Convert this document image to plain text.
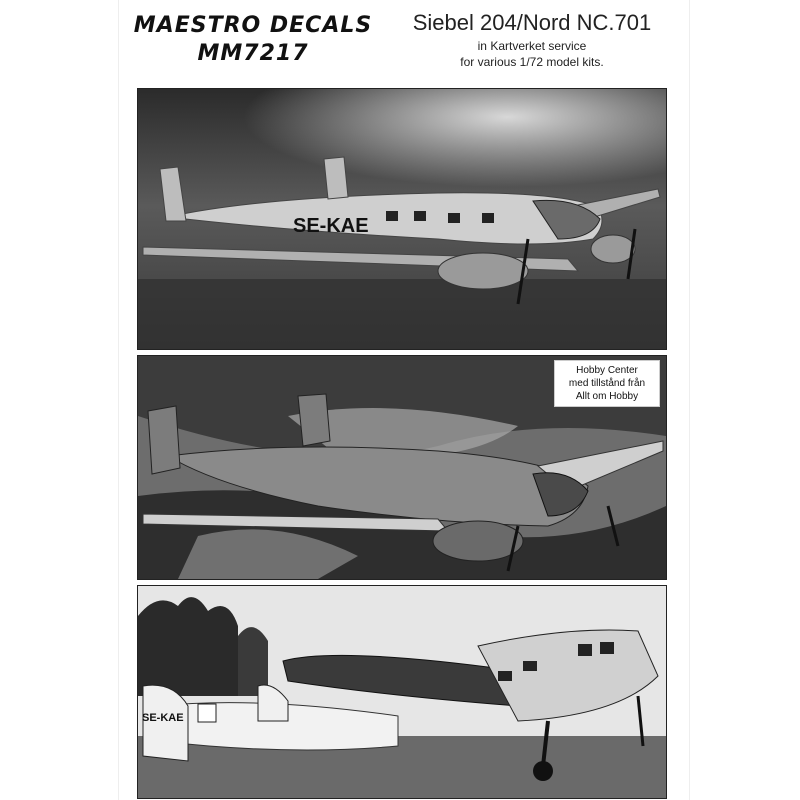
MAESTRO DECALS
MM7217
Siebel 204/Nord NC.701
in Kartverket service
for various 1/72 model kits.
SE-KAE
Hobby Center
med tillstånd från
Allt om Hobby
SE-KAE
